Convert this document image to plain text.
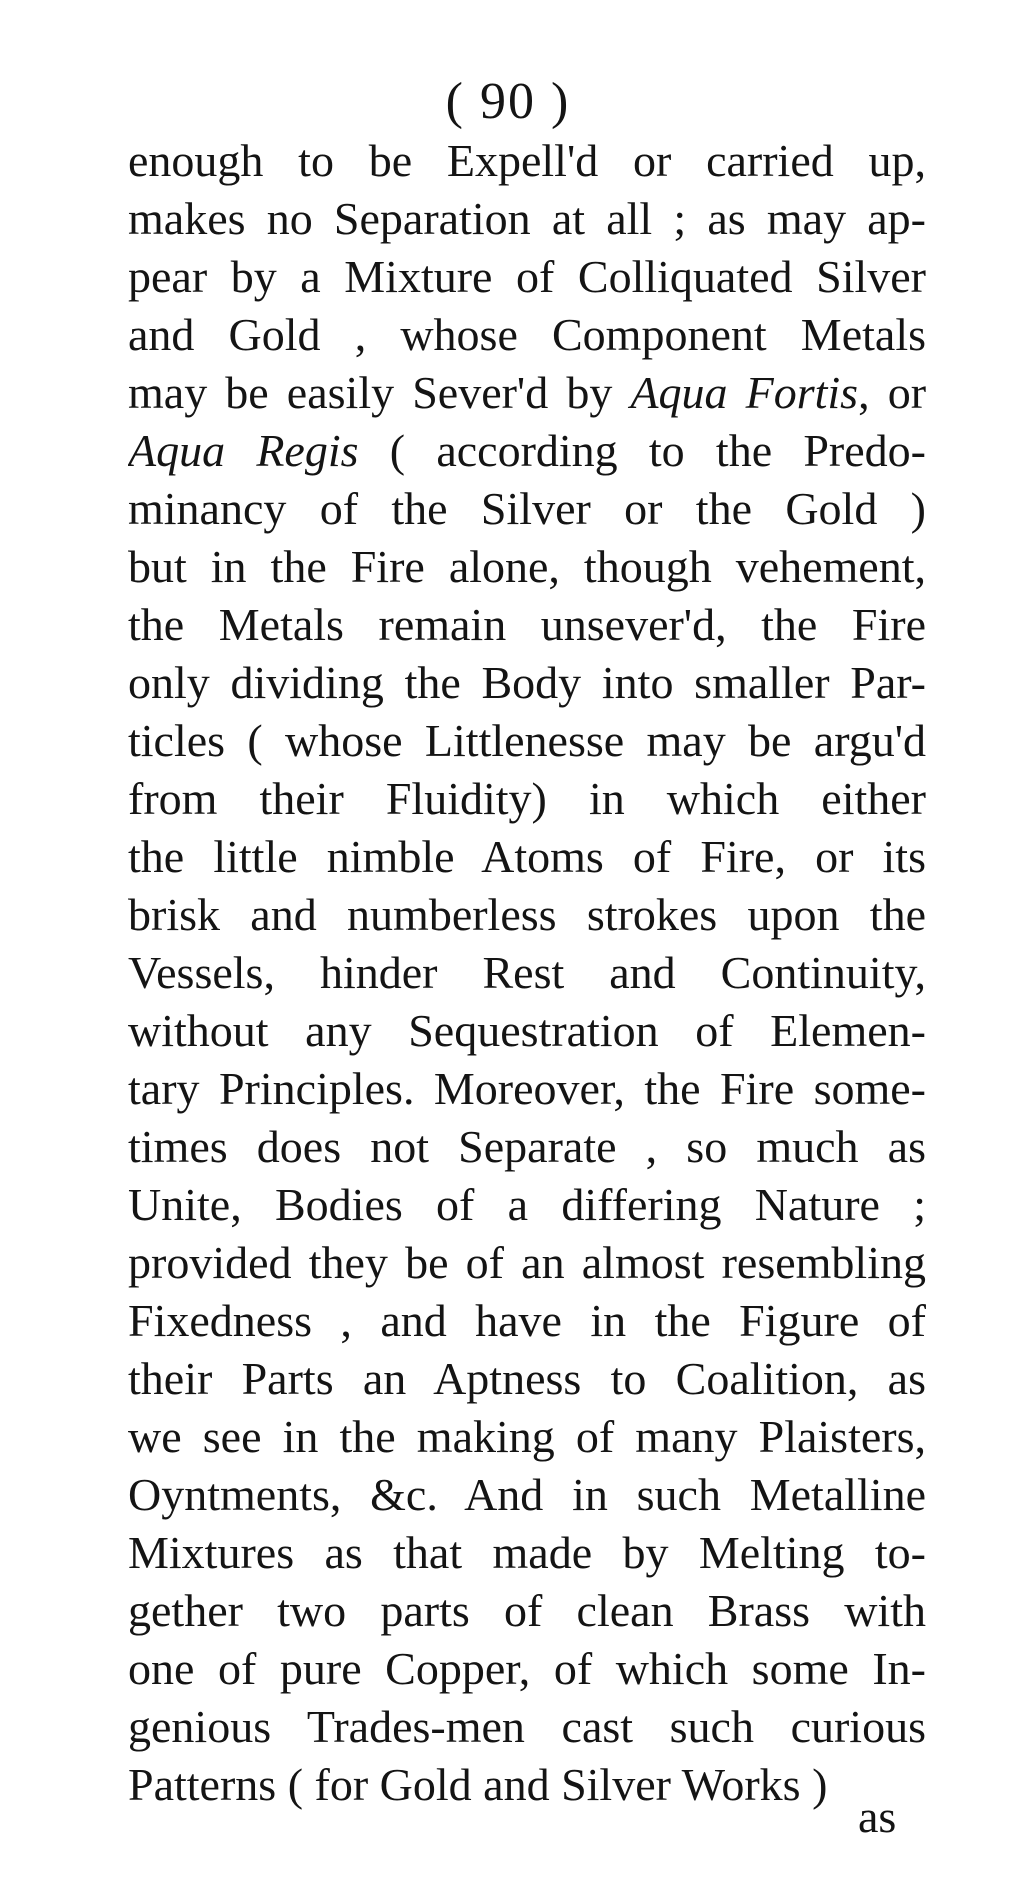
( 90 )
enough to be Expell'd or carried up,
makes no Separation at all ; as may ap-
pear by a Mixture of Colliquated Silver
and Gold , whose Component Metals
may be easily Sever'd by Aqua Fortis, or
Aqua Regis ( according to the Predo-
minancy of the Silver or the Gold )
but in the Fire alone, though vehement,
the Metals remain unsever'd, the Fire
only dividing the Body into smaller Par-
ticles ( whose Littlenesse may be argu'd
from their Fluidity) in which either
the little nimble Atoms of Fire, or its
brisk and numberless strokes upon the
Vessels, hinder Rest and Continuity,
without any Sequestration of Elemen-
tary Principles. Moreover, the Fire some-
times does not Separate , so much as
Unite, Bodies of a differing Nature ;
provided they be of an almost resembling
Fixedness , and have in the Figure of
their Parts an Aptness to Coalition, as
we see in the making of many Plaisters,
Oyntments, &c. And in such Metalline
Mixtures as that made by Melting to-
gether two parts of clean Brass with
one of pure Copper, of which some In-
genious Trades-men cast such curious
Patterns ( for Gold and Silver Works )
as
